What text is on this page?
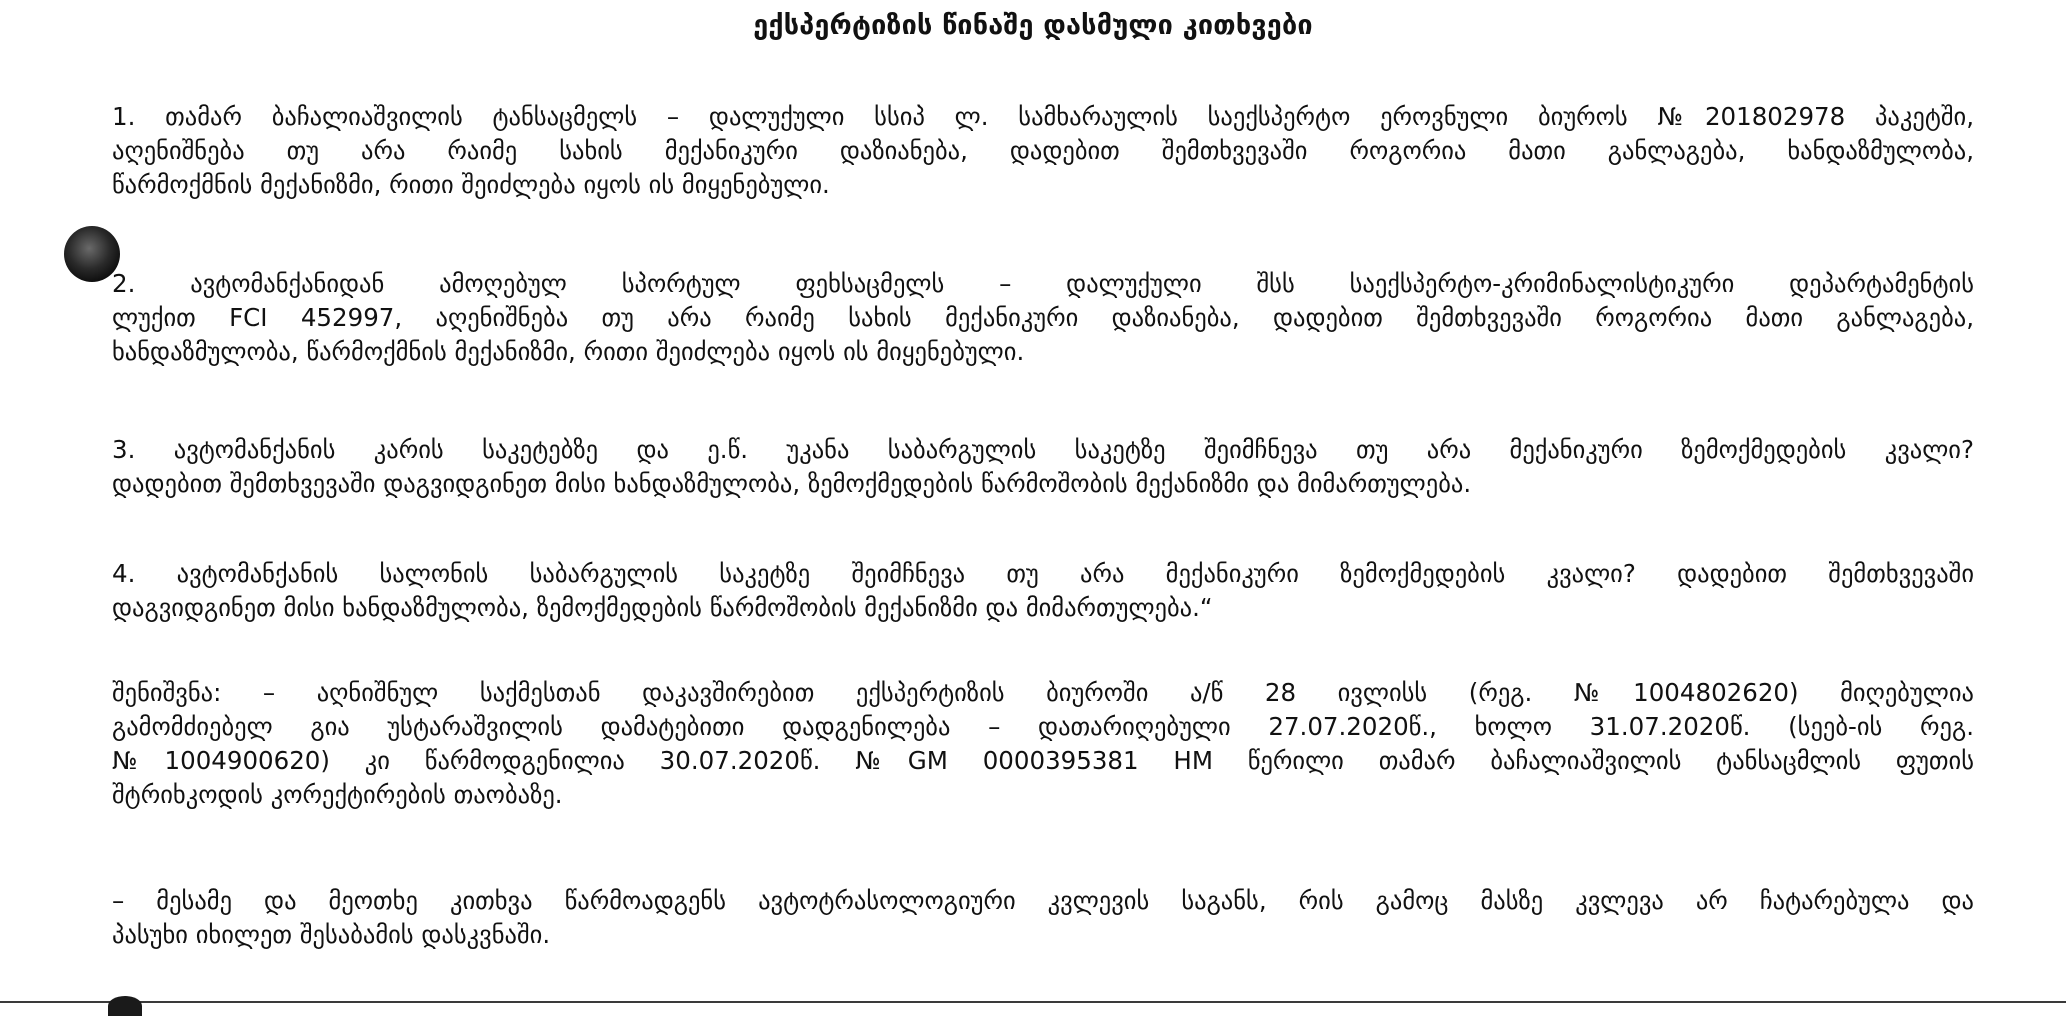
ექსპერტიზის წინაშე დასმული კითხვები

1. თამარ ბაჩალიაშვილის ტანსაცმელს – დალუქული სსიპ ლ. სამხარაულის საექსპერტო ეროვნული ბიუროს №201802978 პაკეტში,
აღენიშნება თუ არა რაიმე სახის მექანიკური დაზიანება, დადებით შემთხვევაში როგორია მათი განლაგება, ხანდაზმულობა,
წარმოქმნის მექანიზმი, რითი შეიძლება იყოს ის მიყენებული.

2. ავტომანქანიდან ამოღებულ სპორტულ ფეხსაცმელს – დალუქული შსს საექსპერტო-კრიმინალისტიკური დეპარტამენტის
ლუქით FCI 452997, აღენიშნება თუ არა რაიმე სახის მექანიკური დაზიანება, დადებით შემთხვევაში როგორია მათი განლაგება,
ხანდაზმულობა, წარმოქმნის მექანიზმი, რითი შეიძლება იყოს ის მიყენებული.

3. ავტომანქანის კარის საკეტებზე და ე.წ. უკანა საბარგულის საკეტზე შეიმჩნევა თუ არა მექანიკური ზემოქმედების კვალი?
დადებით შემთხვევაში დაგვიდგინეთ მისი ხანდაზმულობა, ზემოქმედების წარმოშობის მექანიზმი და მიმართულება.

4. ავტომანქანის სალონის საბარგულის საკეტზე შეიმჩნევა თუ არა მექანიკური ზემოქმედების კვალი? დადებით შემთხვევაში
დაგვიდგინეთ მისი ხანდაზმულობა, ზემოქმედების წარმოშობის მექანიზმი და მიმართულება.“

შენიშვნა: – აღნიშნულ საქმესთან დაკავშირებით ექსპერტიზის ბიუროში ა/წ 28 ივლისს (რეგ. №1004802620) მიღებულია
გამომძიებელ გია უსტარაშვილის დამატებითი დადგენილება – დათარიღებული 27.07.2020წ., ხოლო 31.07.2020წ. (სეებ-ის რეგ.
№1004900620) კი წარმოდგენილია 30.07.2020წ. №GM 0000395381 HM წერილი თამარ ბაჩალიაშვილის ტანსაცმლის ფუთის
შტრიხკოდის კორექტირების თაობაზე.

– მესამე და მეოთხე კითხვა წარმოადგენს ავტოტრასოლოგიური კვლევის საგანს, რის გამოც მასზე კვლევა არ ჩატარებულა და
პასუხი იხილეთ შესაბამის დასკვნაში.
